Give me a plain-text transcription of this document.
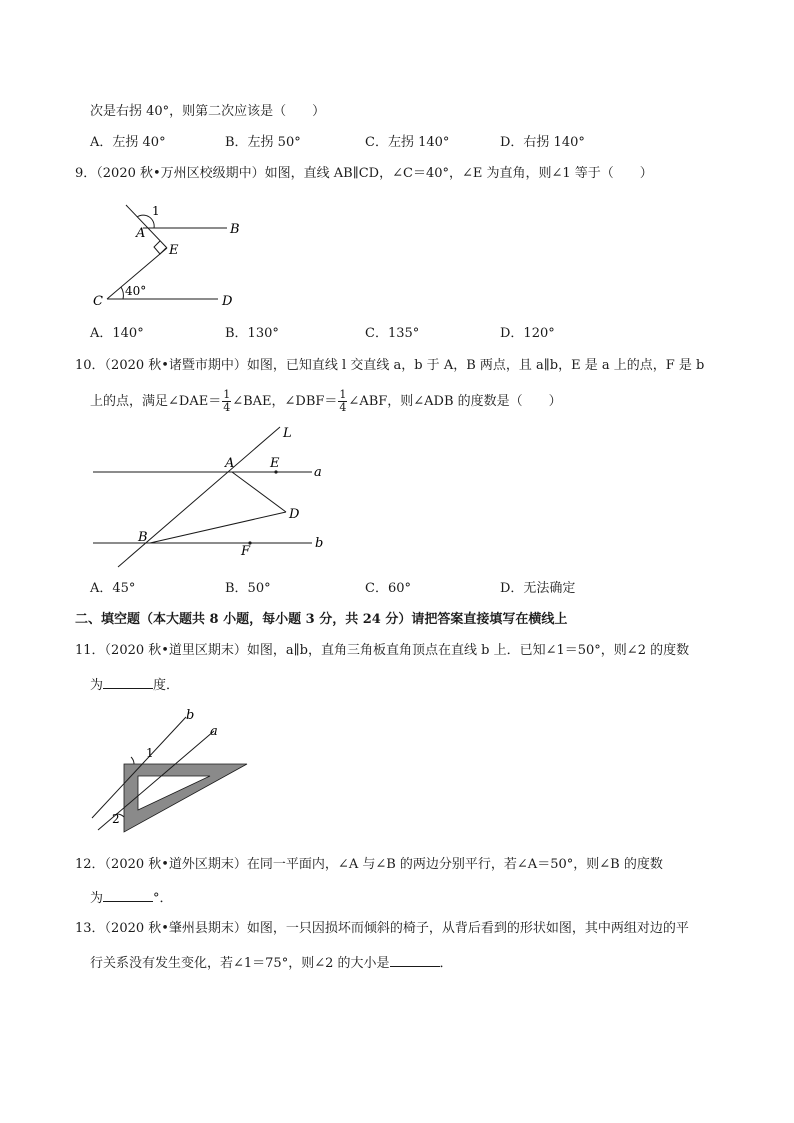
次是右拐 40°，则第二次应该是（　　）
A．左拐 40°	B．左拐 50°	C．左拐 140°	D．右拐 140°
9．（2020 秋•万州区校级期中）如图，直线 AB∥CD，∠C＝40°，∠E 为直角，则∠1 等于（　　）
1
A	B
E
C	D
40°
A．140°	B．130°	C．135°	D．120°
10．（2020 秋•诸暨市期中）如图，已知直线 l 交直线 a，b 于 A，B 两点，且 a∥b，E 是 a 上的点，F 是 b
上的点，满足∠DAE＝ $\frac{1}{4}$ ∠BAE，∠DBF＝ $\frac{1}{4}$ ∠ABF，则∠ADB 的度数是（　　）
L
A	E
a
D
B
F
b
A．45°	B．50°	C．60°	D．无法确定
二、填空题（本大题共 8 小题，每小题 3 分，共 24 分）请把答案直接填写在横线上
11．（2020 秋•道里区期末）如图，a∥b，直角三角板直角顶点在直线 b 上．已知∠1＝50°，则∠2 的度数
为	度．
b
a
1
2
12．（2020 秋•道外区期末）在同一平面内，∠A 与∠B 的两边分别平行，若∠A＝50°，则∠B 的度数
为	°．
13．（2020 秋•肇州县期末）如图，一只因损坏而倾斜的椅子，从背后看到的形状如图，其中两组对边的平
行关系没有发生变化，若∠1＝75°，则∠2 的大小是	．
